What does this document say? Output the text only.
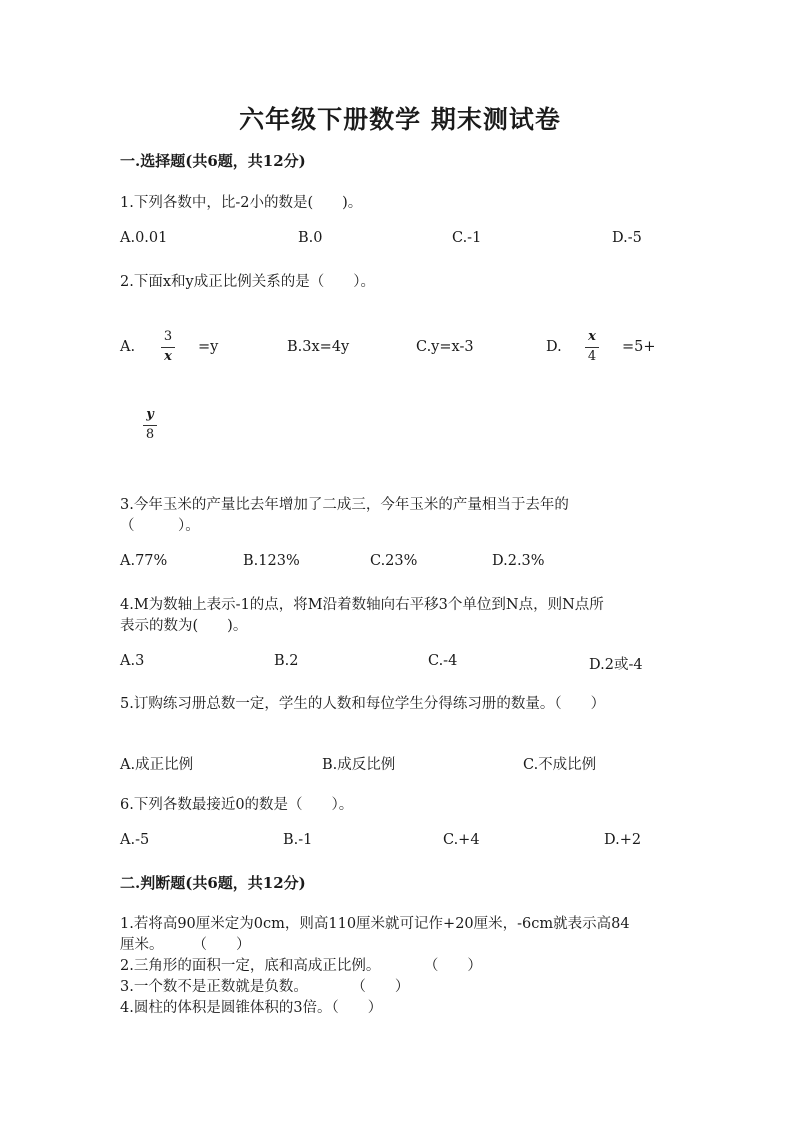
六年级下册数学 期末测试卷
一.选择题(共6题，共12分)
1.下列各数中，比-2小的数是(　　)。
A.0.01	B.0	C.-1	D.-5
2.下面x和y成正比例关系的是（　　）。
A.
3
x
=y	B.3x=4y	C.y=x-3	D.
x
4
=5+
y
8
3.今年玉米的产量比去年增加了二成三，今年玉米的产量相当于去年的
（　　　）。
A.77%	B.123%	C.23%	D.2.3%
4.M为数轴上表示-1的点，将M沿着数轴向右平移3个单位到N点，则N点所
表示的数为(　　)。
A.3	B.2	C.-4	D.2或-4
5.订购练习册总数一定，学生的人数和每位学生分得练习册的数量。（　　）
A.成正比例	B.成反比例	C.不成比例
6.下列各数最接近0的数是（　　）。
A.-5	B.-1	C.+4	D.+2
二.判断题(共6题，共12分)
1.若将高90厘米定为0cm，则高110厘米就可记作+20厘米，-6cm就表示高84
厘米。　　　（　　）
2.三角形的面积一定，底和高成正比例。　　　　（　　）
3.一个数不是正数就是负数。　　　　（　　）
4.圆柱的体积是圆锥体积的3倍。（　　）
